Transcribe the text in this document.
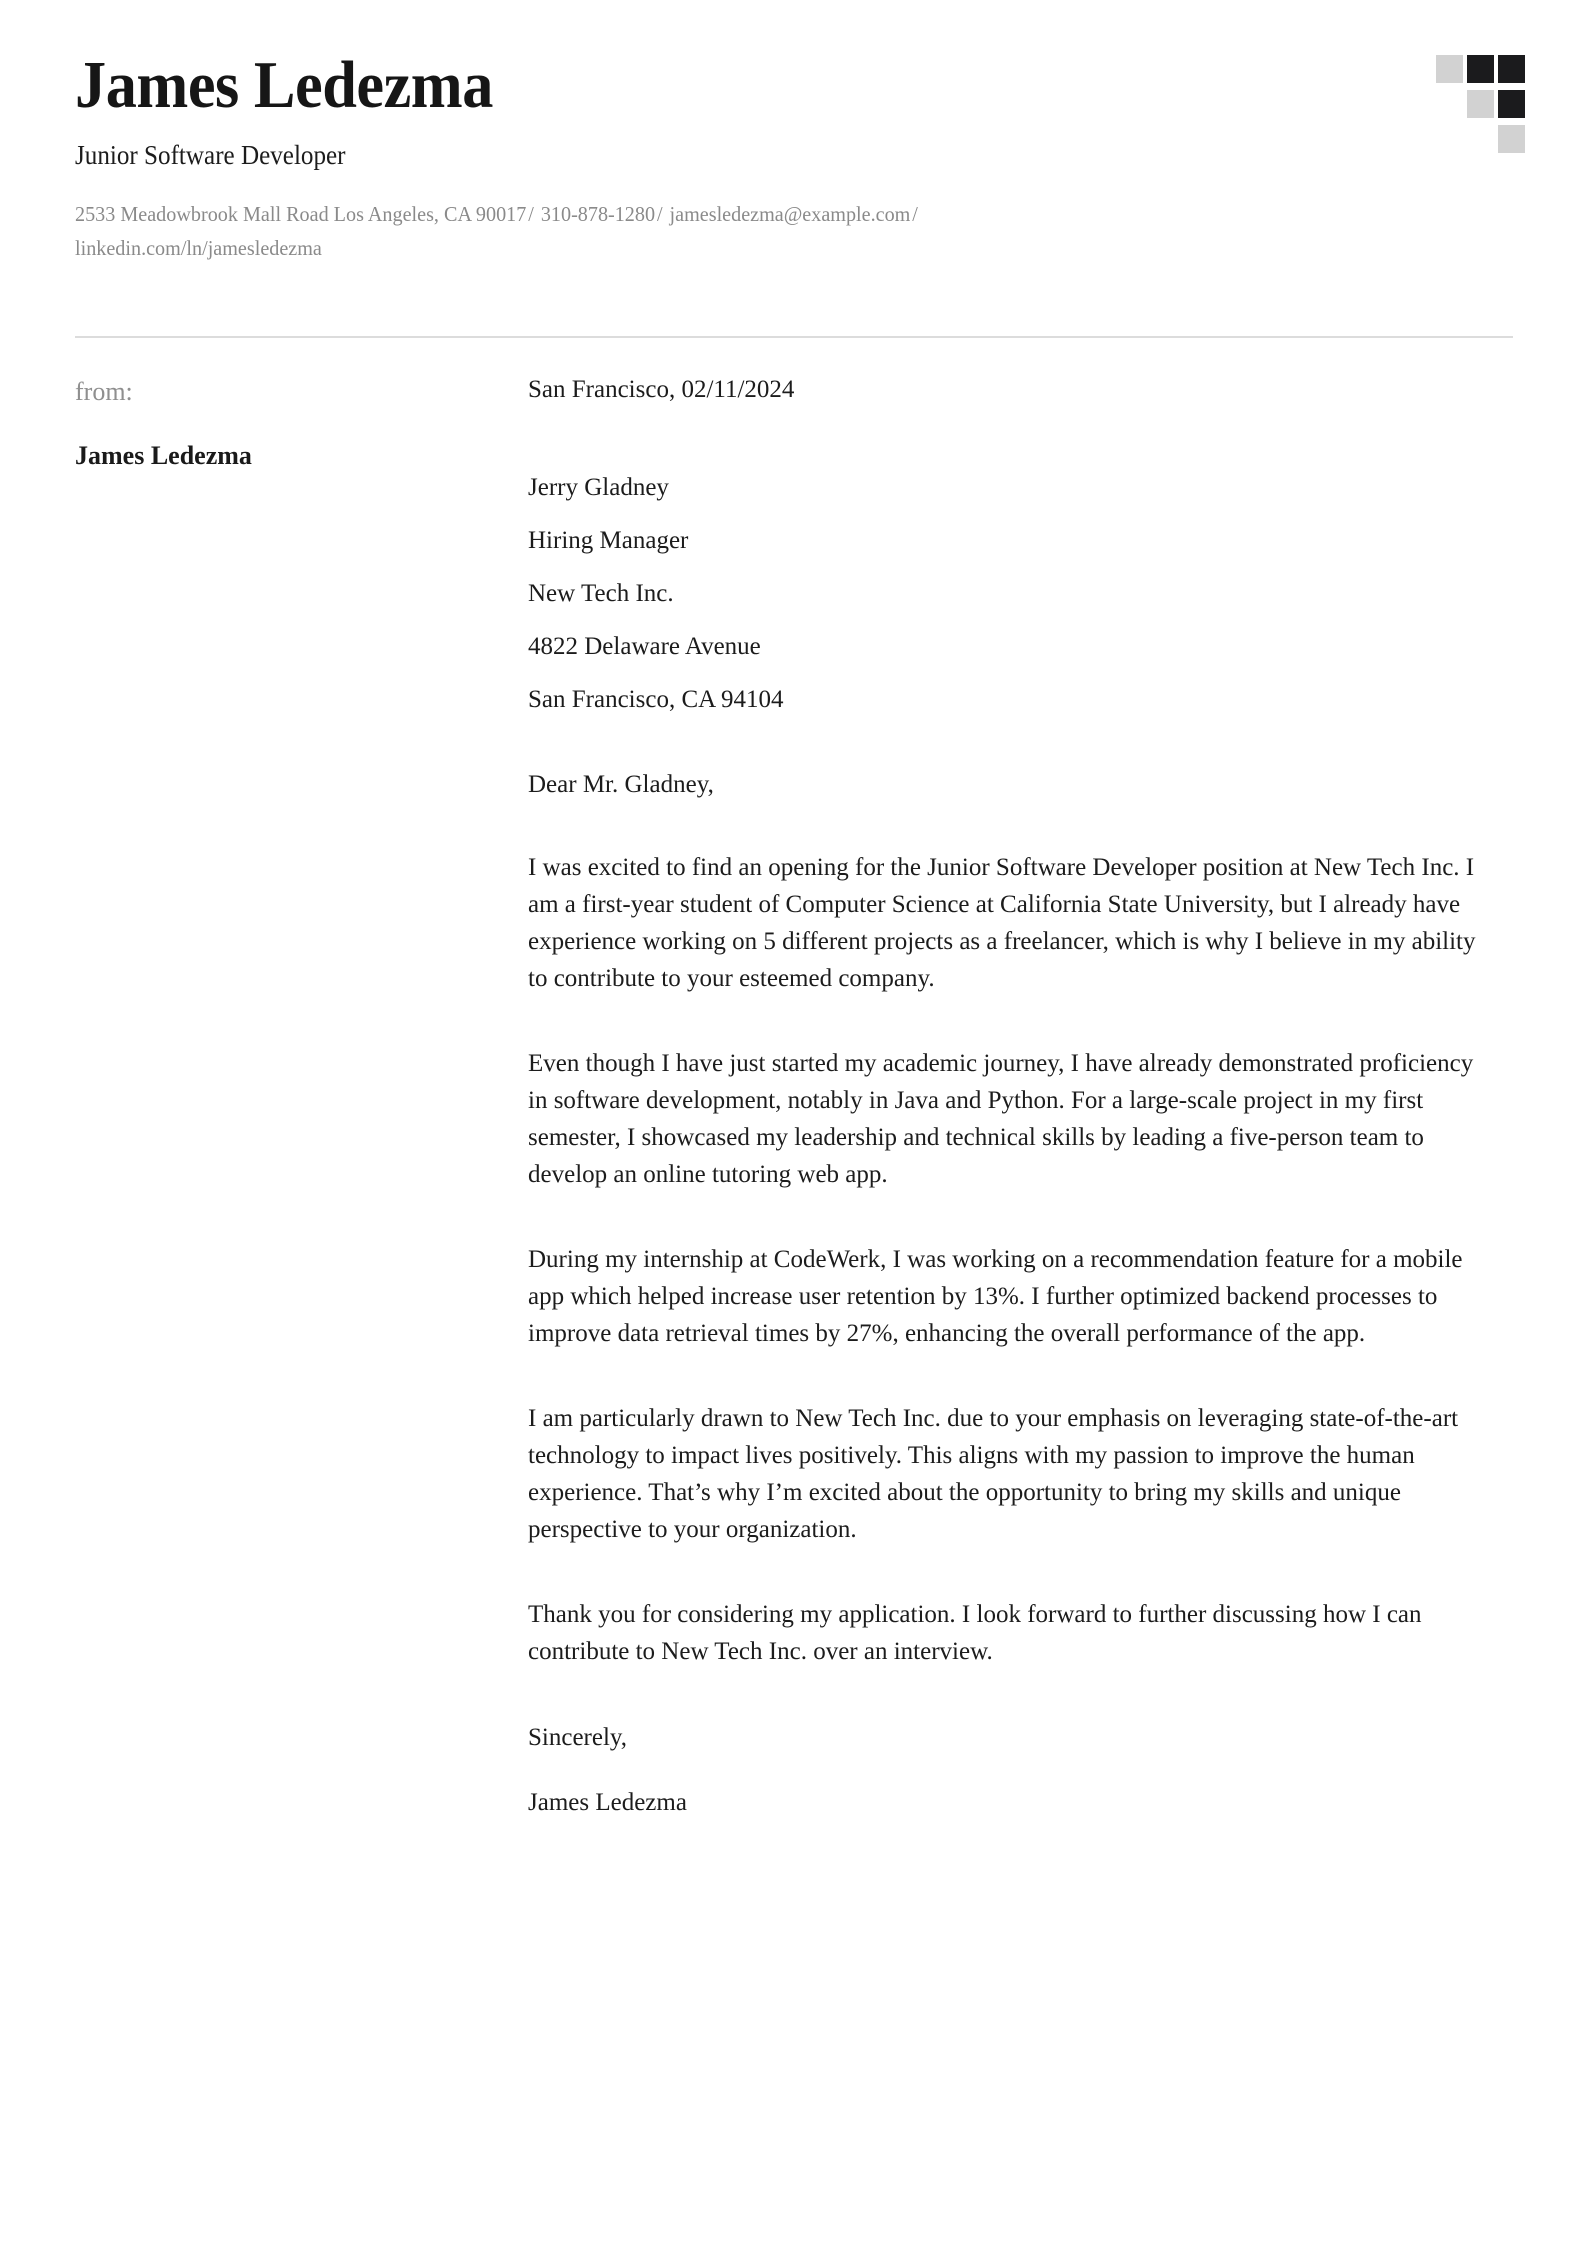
James Ledezma
Junior Software Developer
2533 Meadowbrook Mall Road Los Angeles, CA 90017/ 310-878-1280/ jamesledezma@example.com/ linkedin.com/ln/jamesledezma
from:
James Ledezma
San Francisco, 02/11/2024
Jerry Gladney
Hiring Manager
New Tech Inc.
4822 Delaware Avenue
San Francisco, CA 94104
Dear Mr. Gladney,

I was excited to find an opening for the Junior Software Developer position at New Tech Inc. I am a first-year student of Computer Science at California State University, but I already have experience working on 5 different projects as a freelancer, which is why I believe in my ability to contribute to your esteemed company.

Even though I have just started my academic journey, I have already demonstrated proficiency in software development, notably in Java and Python. For a large-scale project in my first semester, I showcased my leadership and technical skills by leading a five-person team to develop an online tutoring web app.

During my internship at CodeWerk, I was working on a recommendation feature for a mobile app which helped increase user retention by 13%. I further optimized backend processes to improve data retrieval times by 27%, enhancing the overall performance of the app.

I am particularly drawn to New Tech Inc. due to your emphasis on leveraging state-of-the-art technology to impact lives positively. This aligns with my passion to improve the human experience. That’s why I’m excited about the opportunity to bring my skills and unique perspective to your organization.

Thank you for considering my application. I look forward to further discussing how I can contribute to New Tech Inc. over an interview.

Sincerely,
James Ledezma
